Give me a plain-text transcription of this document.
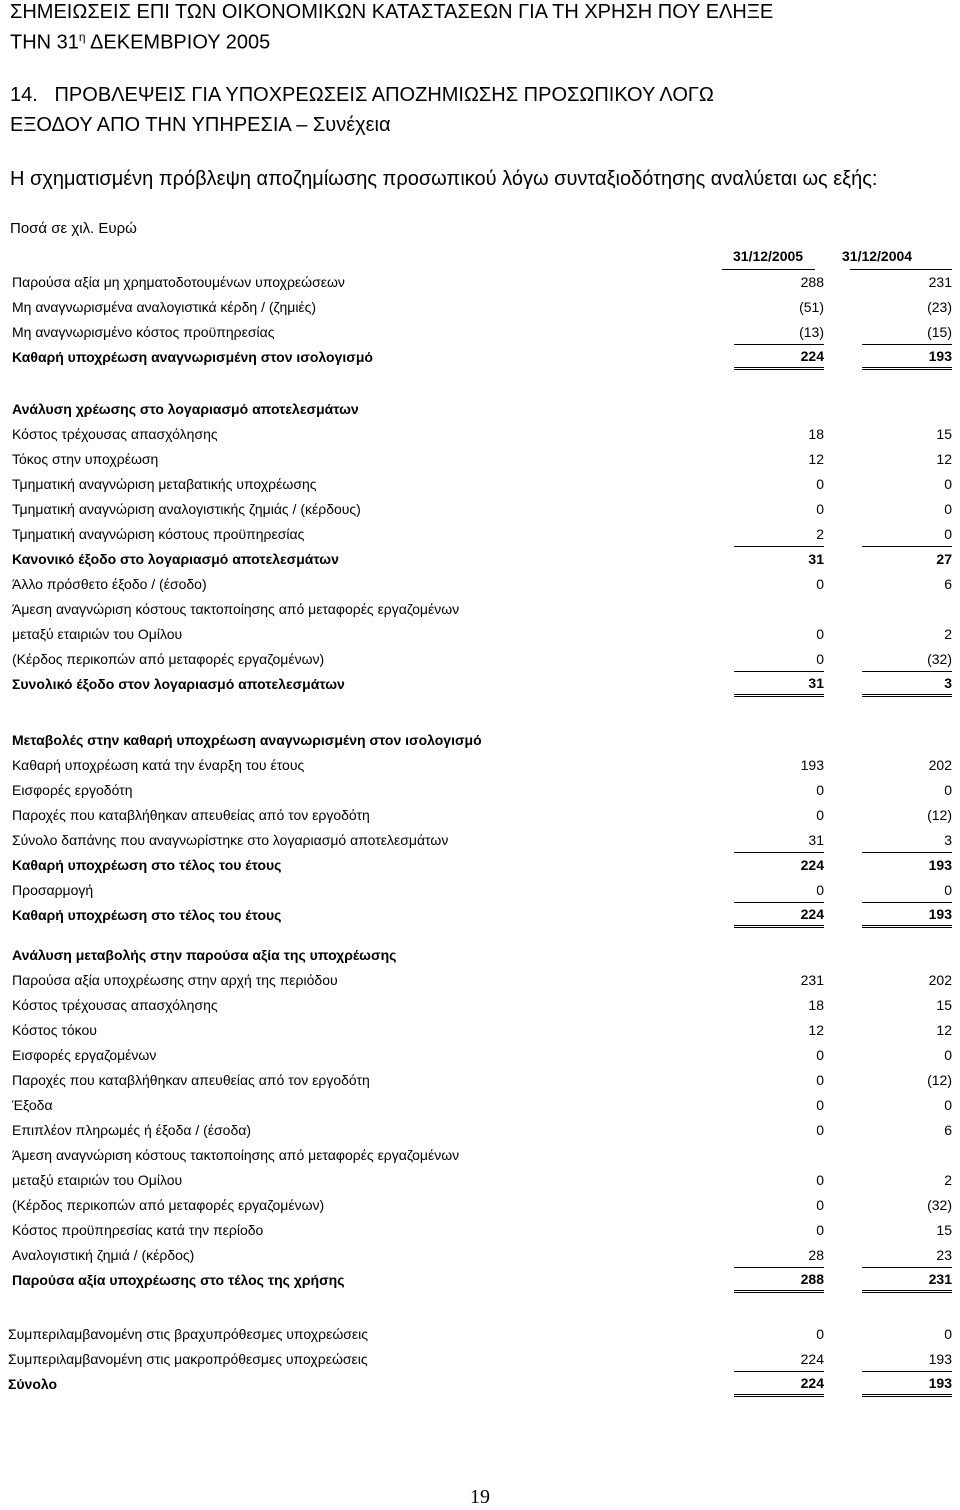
ΣΗΜΕΙΩΣΕΙΣ ΕΠΙ ΤΩΝ ΟΙΚΟΝΟΜΙΚΩΝ ΚΑΤΑΣΤΑΣΕΩΝ ΓΙΑ ΤΗ ΧΡΗΣΗ ΠΟΥ ΕΛΗΞΕ
ΤΗΝ $31^\eta$ ΔΕΚΕΜΒΡΙΟΥ 2005
14.   ΠΡΟΒΛΕΨΕΙΣ ΓΙΑ ΥΠΟΧΡΕΩΣΕΙΣ ΑΠΟΖΗΜΙΩΣΗΣ ΠΡΟΣΩΠΙΚΟΥ ΛΟΓΩ
ΕΞΟΔΟΥ ΑΠΟ ΤΗΝ ΥΠΗΡΕΣΙΑ – Συνέχεια
Η σχηματισμένη πρόβλεψη αποζημίωσης προσωπικού λόγω συνταξιοδότησης αναλύεται ως εξής:
Ποσά σε χιλ. Ευρώ
31/12/2005	31/12/2004
Παρούσα αξία μη χρηματοδοτουμένων υποχρεώσεων	288	231
Μη αναγνωρισμένα αναλογιστικά κέρδη / (ζημιές)	(51)	(23)
Μη αναγνωρισμένο κόστος προϋπηρεσίας	(13)	(15)
Καθαρή υποχρέωση αναγνωρισμένη στον ισολογισμό	224	193
Ανάλυση χρέωσης στο λογαριασμό αποτελεσμάτων
Κόστος τρέχουσας απασχόλησης	18	15
Τόκος στην υποχρέωση	12	12
Τμηματική αναγνώριση μεταβατικής υποχρέωσης	0	0
Τμηματική αναγνώριση αναλογιστικής ζημιάς / (κέρδους)	0	0
Τμηματική αναγνώριση κόστους προϋπηρεσίας	2	0
Κανονικό έξοδο στο λογαριασμό αποτελεσμάτων	31	27
Άλλο πρόσθετο έξοδο / (έσοδο)	0	6
Άμεση αναγνώριση κόστους τακτοποίησης από μεταφορές εργαζομένων
μεταξύ εταιριών του Ομίλου	0	2
(Κέρδος περικοπών από μεταφορές εργαζομένων)	0	(32)
Συνολικό έξοδο στον λογαριασμό αποτελεσμάτων	31	3
Μεταβολές στην καθαρή υποχρέωση αναγνωρισμένη στον ισολογισμό
Καθαρή υποχρέωση κατά την έναρξη του έτους	193	202
Εισφορές εργοδότη	0	0
Παροχές που καταβλήθηκαν απευθείας από τον εργοδότη	0	(12)
Σύνολο δαπάνης που αναγνωρίστηκε στο λογαριασμό αποτελεσμάτων	31	3
Καθαρή υποχρέωση στο τέλος του έτους	224	193
Προσαρμογή	0	0
Καθαρή υποχρέωση στο τέλος του έτους	224	193
Ανάλυση μεταβολής στην παρούσα αξία της υποχρέωσης
Παρούσα αξία υποχρέωσης στην αρχή της περιόδου	231	202
Κόστος τρέχουσας απασχόλησης	18	15
Κόστος τόκου	12	12
Εισφορές εργαζομένων	0	0
Παροχές που καταβλήθηκαν απευθείας από τον εργοδότη	0	(12)
Έξοδα	0	0
Επιπλέον πληρωμές ή έξοδα / (έσοδα)	0	6
Άμεση αναγνώριση κόστους τακτοποίησης από μεταφορές εργαζομένων
μεταξύ εταιριών του Ομίλου	0	2
(Κέρδος περικοπών από μεταφορές εργαζομένων)	0	(32)
Κόστος προϋπηρεσίας κατά την περίοδο	0	15
Αναλογιστική ζημιά / (κέρδος)	28	23
Παρούσα αξία υποχρέωσης στο τέλος της χρήσης	288	231
Συμπεριλαμβανομένη στις βραχυπρόθεσμες υποχρεώσεις	0	0
Συμπεριλαμβανομένη στις μακροπρόθεσμες υποχρεώσεις	224	193
Σύνολο	224	193
19
